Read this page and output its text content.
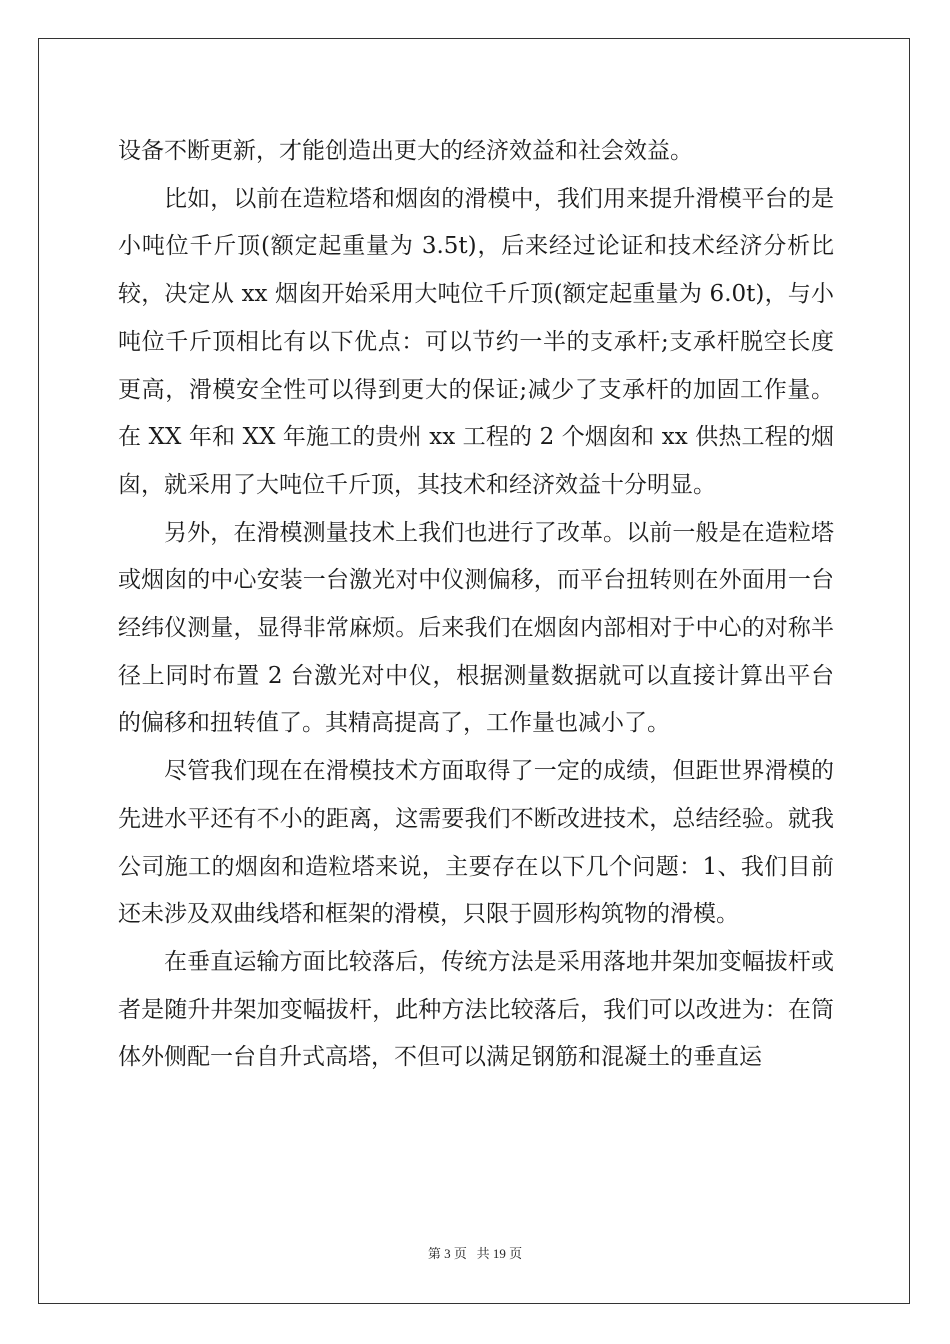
设备不断更新，才能创造出更大的经济效益和社会效益。

比如，以前在造粒塔和烟囱的滑模中，我们用来提升滑模平台的是小吨位千斤顶(额定起重量为 3.5t)，后来经过论证和技术经济分析比较，决定从 xx 烟囱开始采用大吨位千斤顶(额定起重量为 6.0t)，与小吨位千斤顶相比有以下优点：可以节约一半的支承杆;支承杆脱空长度更高，滑模安全性可以得到更大的保证;减少了支承杆的加固工作量。在 XX 年和 XX 年施工的贵州 xx 工程的 2 个烟囱和 xx 供热工程的烟囱，就采用了大吨位千斤顶，其技术和经济效益十分明显。

另外，在滑模测量技术上我们也进行了改革。以前一般是在造粒塔或烟囱的中心安装一台激光对中仪测偏移，而平台扭转则在外面用一台经纬仪测量，显得非常麻烦。后来我们在烟囱内部相对于中心的对称半径上同时布置 2 台激光对中仪，根据测量数据就可以直接计算出平台的偏移和扭转值了。其精高提高了，工作量也减小了。

尽管我们现在在滑模技术方面取得了一定的成绩，但距世界滑模的先进水平还有不小的距离，这需要我们不断改进技术，总结经验。就我公司施工的烟囱和造粒塔来说，主要存在以下几个问题：1、我们目前还未涉及双曲线塔和框架的滑模，只限于圆形构筑物的滑模。

在垂直运输方面比较落后，传统方法是采用落地井架加变幅拔杆或者是随升井架加变幅拔杆，此种方法比较落后，我们可以改进为：在筒体外侧配一台自升式高塔，不但可以满足钢筋和混凝土的垂直运

第 3 页   共 19 页
